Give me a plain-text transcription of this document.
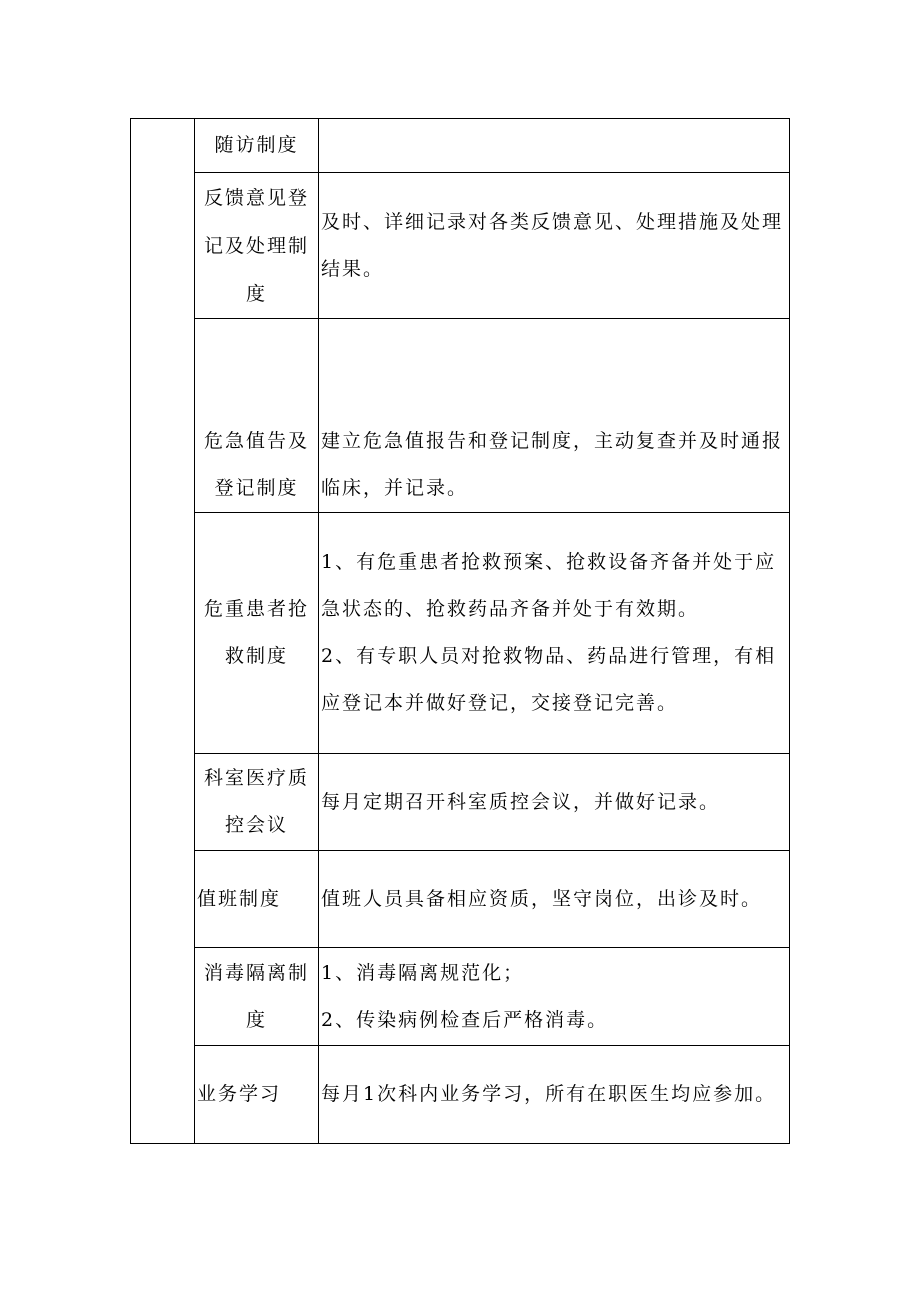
随访制度
反馈意见登记及处理制度
及时、详细记录对各类反馈意见、处理措施及处理结果。
危急值告及登记制度
建立危急值报告和登记制度，主动复查并及时通报临床，并记录。
危重患者抢救制度
1、有危重患者抢救预案、抢救设备齐备并处于应急状态的、抢救药品齐备并处于有效期。
2、有专职人员对抢救物品、药品进行管理，有相应登记本并做好登记，交接登记完善。
科室医疗质控会议
每月定期召开科室质控会议，并做好记录。
值班制度	值班人员具备相应资质，坚守岗位，出诊及时。
消毒隔离制度
1、消毒隔离规范化；
2、传染病例检查后严格消毒。
业务学习	每月1次科内业务学习，所有在职医生均应参加。
